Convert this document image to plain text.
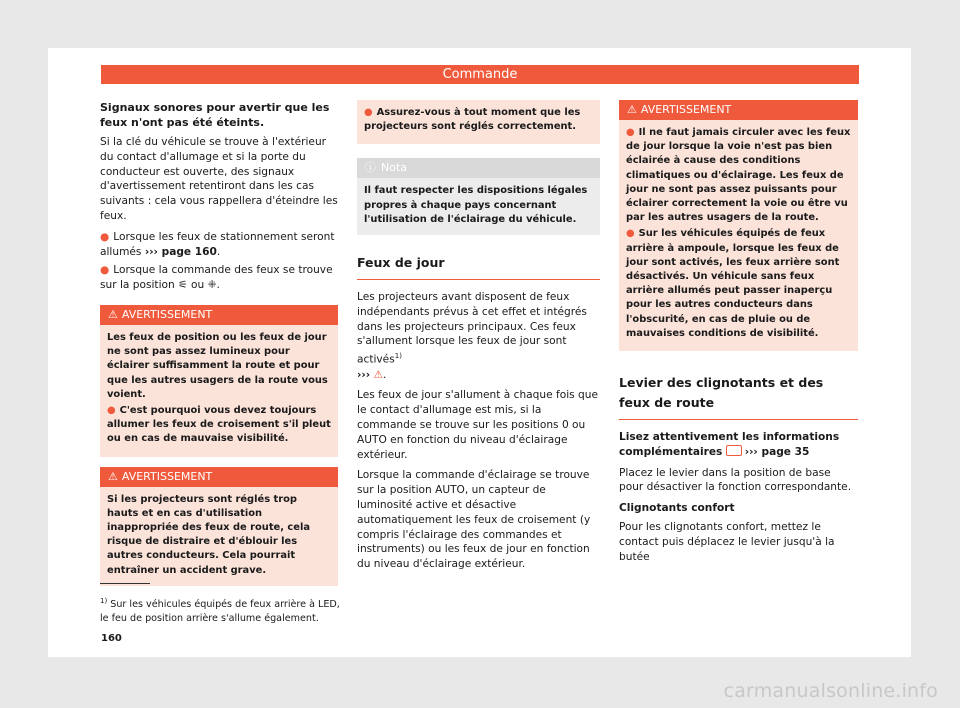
Commande
Signaux sonores pour avertir que les feux n'ont pas été éteints.

Si la clé du véhicule se trouve à l'extérieur du contact d'allumage et si la porte du conducteur est ouverte, des signaux d'avertissement retentiront dans les cas suivants : cela vous rappellera d'éteindre les feux.

● Lorsque les feux de stationnement seront allumés ››› page 160.
● Lorsque la commande des feux se trouve sur la position ⚟ ou ⁜.
⚠ AVERTISSEMENT
Les feux de position ou les feux de jour ne sont pas assez lumineux pour éclairer suffisamment la route et pour que les autres usagers de la route vous voient.
● C'est pourquoi vous devez toujours allumer les feux de croisement s'il pleut ou en cas de mauvaise visibilité.
⚠ AVERTISSEMENT
Si les projecteurs sont réglés trop hauts et en cas d'utilisation inappropriée des feux de route, cela risque de distraire et d'éblouir les autres conducteurs. Cela pourrait entraîner un accident grave.
● Assurez-vous à tout moment que les projecteurs sont réglés correctement.
ⓘ Nota
Il faut respecter les dispositions légales propres à chaque pays concernant l'utilisation de l'éclairage du véhicule.
Feux de jour

Les projecteurs avant disposent de feux indépendants prévus à cet effet et intégrés dans les projecteurs principaux. Ces feux s'allument lorsque les feux de jour sont activés$^{1)}$
››› ⚠.

Les feux de jour s'allument à chaque fois que le contact d'allumage est mis, si la commande se trouve sur les positions 0 ou AUTO en fonction du niveau d'éclairage extérieur.

Lorsque la commande d'éclairage se trouve sur la position AUTO, un capteur de luminosité active et désactive automatiquement les feux de croisement (y compris l'éclairage des commandes et instruments) ou les feux de jour en fonction du niveau d'éclairage extérieur.

⚠ AVERTISSEMENT
● Il ne faut jamais circuler avec les feux de jour lorsque la voie n'est pas bien éclairée à cause des conditions climatiques ou d'éclairage. Les feux de jour ne sont pas assez puissants pour éclairer correctement la voie ou être vu par les autres usagers de la route.
● Sur les véhicules équipés de feux arrière à ampoule, lorsque les feux de jour sont activés, les feux arrière sont désactivés. Un véhicule sans feux arrière allumés peut passer inaperçu pour les autres conducteurs dans l'obscurité, en cas de pluie ou de mauvaises conditions de visibilité.
Levier des clignotants et des feux de route

Lisez attentivement les informations complémentaires ››› page 35

Placez le levier dans la position de base pour désactiver la fonction correspondante.

Clignotants confort

Pour les clignotants confort, mettez le contact puis déplacez le levier jusqu'à la butée

$^{1)}$ Sur les véhicules équipés de feux arrière à LED, le feu de position arrière s'allume également.
160
carmanualsonline.info
